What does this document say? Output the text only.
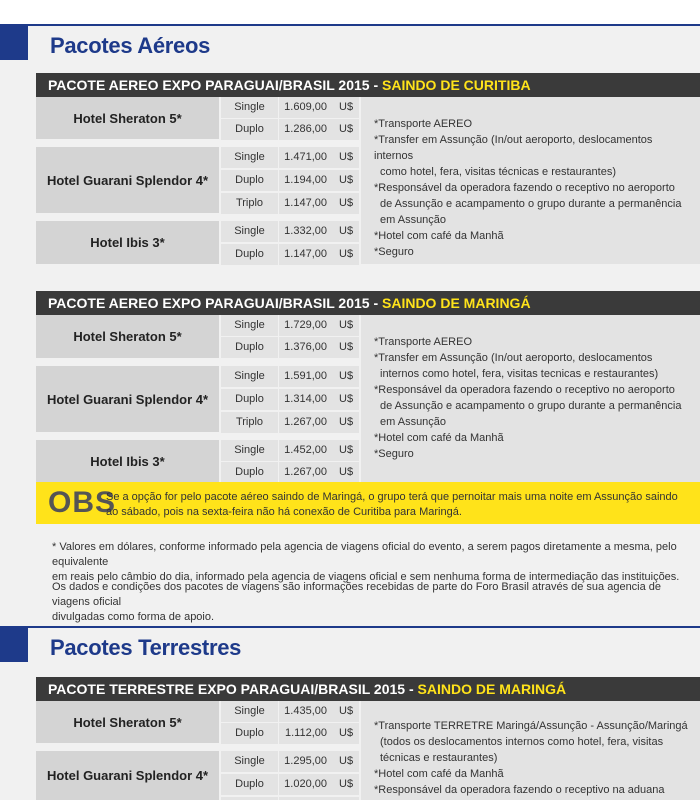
Pacotes Aéreos
PACOTE AEREO EXPO PARAGUAI/BRASIL 2015 - SAINDO DE CURITIBA
Hotel Sheraton 5*
Single	1.609,00 U$
Duplo	1.286,00 U$
Hotel Guarani Splendor 4*
Single	1.471,00 U$
Duplo	1.194,00 U$
Triplo	1.147,00 U$
Hotel Ibis 3*
Single	1.332,00 U$
Duplo	1.147,00 U$

*Transporte AEREO

*Transfer em Assunção (In/out aeroporto, deslocamentos internos

como hotel, fera, visitas técnicas e restaurantes)

*Responsável da operadora fazendo o receptivo no aeroporto

de Assunção e acampamento o grupo durante a permanência

em Assunção

*Hotel com café da Manhã

*Seguro

PACOTE AEREO EXPO PARAGUAI/BRASIL 2015 - SAINDO DE MARINGÁ
Hotel Sheraton 5*
Single	1.729,00 U$
Duplo	1.376,00 U$
Hotel Guarani Splendor 4*
Single	1.591,00 U$
Duplo	1.314,00 U$
Triplo	1.267,00 U$
Hotel Ibis 3*
Single	1.452,00 U$
Duplo	1.267,00 U$

*Transporte AEREO

*Transfer em Assunção (In/out aeroporto, deslocamentos

internos como hotel, fera, visitas tecnicas e restaurantes)

*Responsável da operadora fazendo o receptivo no aeroporto

de Assunção e acampamento o grupo durante a permanência

em Assunção

*Hotel com café da Manhã

*Seguro

OBS
Se a opção for pelo pacote aéreo saindo de Maringá, o grupo terá que pernoitar mais uma noite em Assunção saindo
ao sábado, pois na sexta-feira não há conexão de Curitiba para Maringá.
* Valores em dólares, conforme informado pela agencia de viagens oficial do evento, a serem pagos diretamente a mesma, pelo equivalente
em reais pelo câmbio do dia, informado pela agencia de viagens oficial e sem nenhuma forma de intermediação das instituições.
Os dados e condições dos pacotes de viagens são informações recebidas de parte do Foro Brasil através de sua agencia de viagens oficial
divulgadas como forma de apoio.
Pacotes Terrestres
PACOTE TERRESTRE EXPO PARAGUAI/BRASIL 2015 - SAINDO DE MARINGÁ
Hotel Sheraton 5*
Single	1.435,00 U$
Duplo	1.112,00 U$
Hotel Guarani Splendor 4*
Single	1.295,00 U$
Duplo	1.020,00 U$

*Transporte TERRETRE Maringá/Assunção - Assunção/Maringá

(todos os deslocamentos internos como hotel, fera, visitas

técnicas e restaurantes)

*Hotel com café da Manhã

*Responsável da operadora fazendo o receptivo na aduana
